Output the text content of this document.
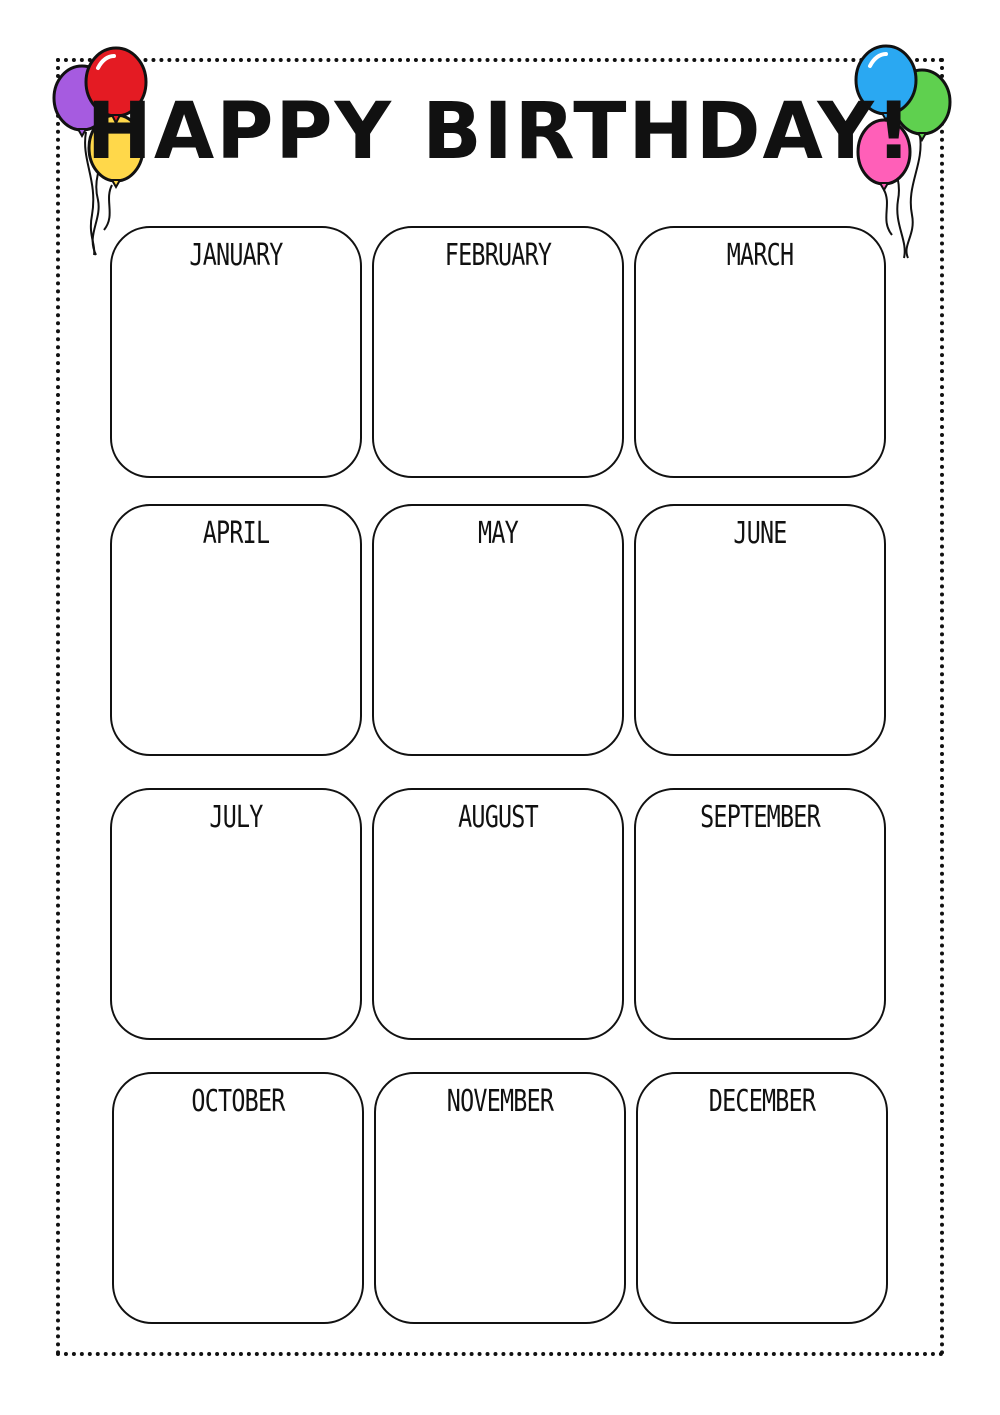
HAPPY BIRTHDAY!
JANUARY	FEBRUARY	MARCH
APRIL	MAY	JUNE
JULY	AUGUST	SEPTEMBER
OCTOBER	NOVEMBER	DECEMBER
